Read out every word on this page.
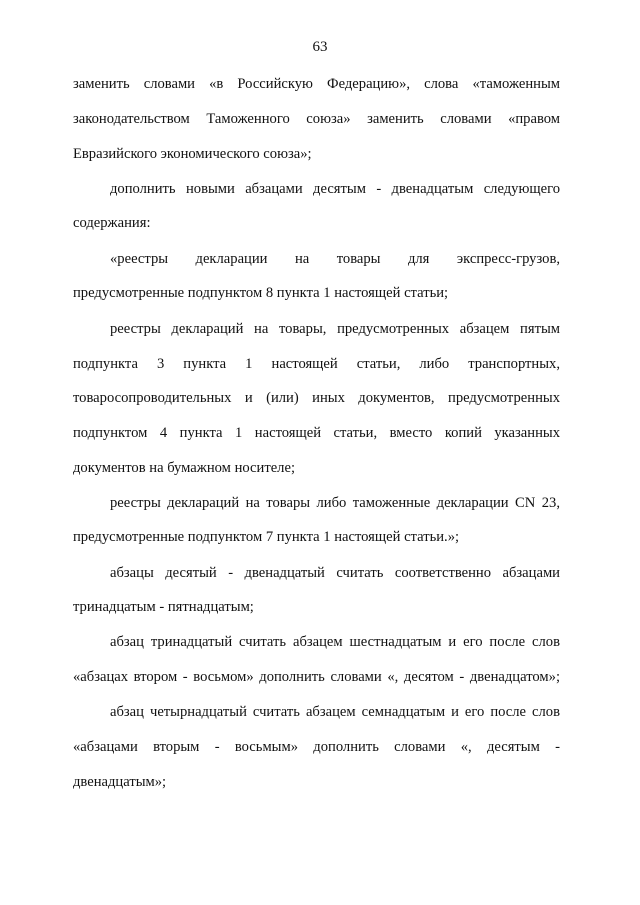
63
заменить словами «в Российскую Федерацию», слова «таможенным
законодательством Таможенного союза» заменить словами «правом
Евразийского экономического союза»;
дополнить новыми абзацами десятым - двенадцатым следующего
содержания:
«реестры декларации на товары для экспресс-грузов,
предусмотренные подпунктом 8 пункта 1 настоящей статьи;
реестры деклараций на товары, предусмотренных абзацем пятым
подпункта 3 пункта 1 настоящей статьи, либо транспортных,
товаросопроводительных и (или) иных документов, предусмотренных
подпунктом 4 пункта 1 настоящей статьи, вместо копий указанных
документов на бумажном носителе;
реестры деклараций на товары либо таможенные декларации CN 23,
предусмотренные подпунктом 7 пункта 1 настоящей статьи.»;
абзацы десятый - двенадцатый считать соответственно абзацами
тринадцатым - пятнадцатым;
абзац тринадцатый считать абзацем шестнадцатым и его после слов
«абзацах втором - восьмом» дополнить словами «, десятом - двенадцатом»;
абзац четырнадцатый считать абзацем семнадцатым и его после слов
«абзацами вторым - восьмым» дополнить словами «, десятым -
двенадцатым»;
